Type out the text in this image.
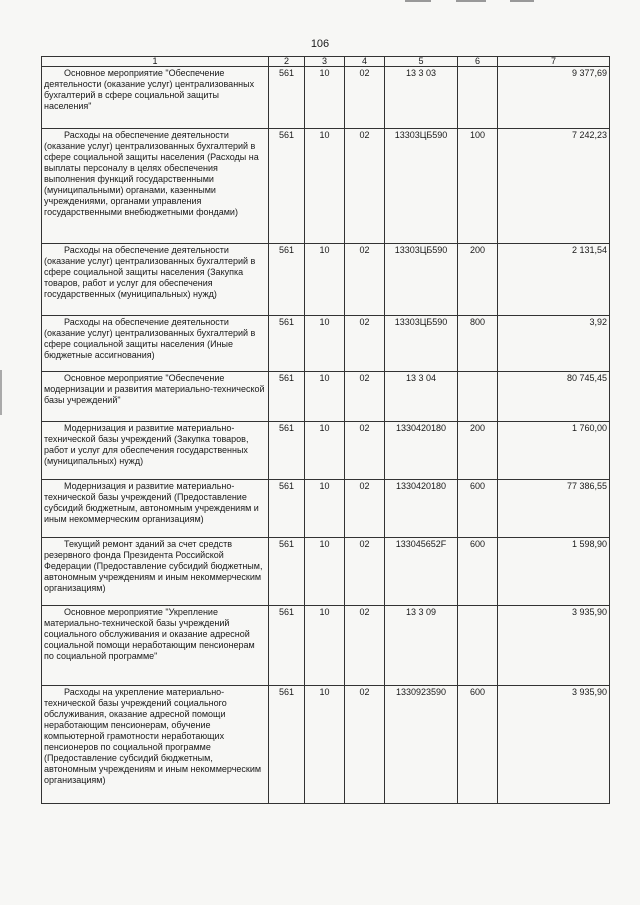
106
1	2	3	4	5	6	7
Основное мероприятие "Обеспечение деятельности (оказание услуг) централизованных бухгалтерий в сфере социальной защиты населения"	561	10	02	13 3 03		9 377,69
Расходы на обеспечение деятельности (оказание услуг) централизованных бухгалтерий в сфере социальной защиты населения (Расходы на выплаты персоналу в целях обеспечения выполнения функций государственными (муниципальными) органами, казенными учреждениями, органами управления государственными внебюджетными фондами)	561	10	02	13303ЦБ590	100	7 242,23
Расходы на обеспечение деятельности (оказание услуг) централизованных бухгалтерий в сфере социальной защиты населения (Закупка товаров, работ и услуг для обеспечения государственных (муниципальных) нужд)	561	10	02	13303ЦБ590	200	2 131,54
Расходы на обеспечение деятельности (оказание услуг) централизованных бухгалтерий в сфере социальной защиты населения (Иные бюджетные ассигнования)	561	10	02	13303ЦБ590	800	3,92
Основное мероприятие "Обеспечение модернизации и развития материально-технической базы учреждений"	561	10	02	13 3 04		80 745,45
Модернизация и развитие материально-технической базы учреждений (Закупка товаров, работ и услуг для обеспечения государственных (муниципальных) нужд)	561	10	02	1330420180	200	1 760,00
Модернизация и развитие материально-технической базы учреждений (Предоставление субсидий бюджетным, автономным учреждениям и иным некоммерческим организациям)	561	10	02	1330420180	600	77 386,55
Текущий ремонт зданий за счет средств резервного фонда Президента Российской Федерации (Предоставление субсидий бюджетным, автономным учреждениям и иным некоммерческим организациям)	561	10	02	133045652F	600	1 598,90
Основное мероприятие "Укрепление материально-технической базы учреждений социального обслуживания и оказание адресной социальной помощи неработающим пенсионерам по социальной программе"	561	10	02	13 3 09		3 935,90
Расходы на укрепление материально-технической базы учреждений социального обслуживания, оказание адресной помощи неработающим пенсионерам, обучение компьютерной грамотности неработающих пенсионеров по социальной программе (Предоставление субсидий бюджетным, автономным учреждениям и иным некоммерческим организациям)	561	10	02	1330923590	600	3 935,90
